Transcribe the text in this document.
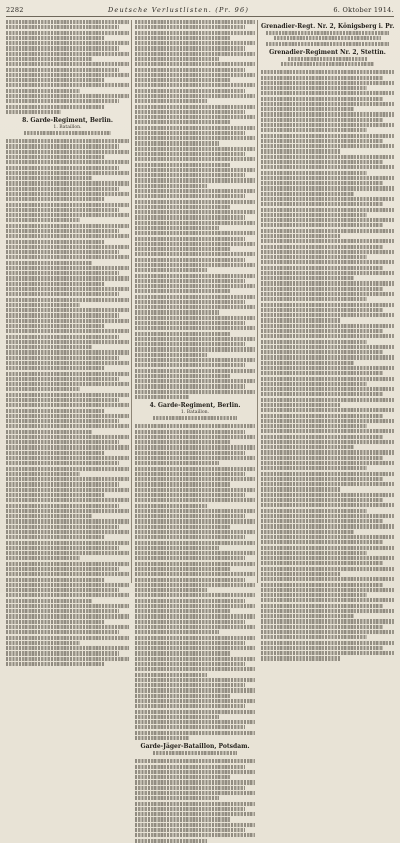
2282	Deutsche Verlustlisten. (Pr. 96)	6. Oktober 1914.
8. Garde-Regiment, Berlin.
1. Bataillon.
4. Garde-Regiment, Berlin.
1. Bataillon.
Garde-Jäger-Bataillon, Potsdam.
Grenadier-Regt. Nr. 2, Königsberg i. Pr.
Grenadier-Regiment Nr. 2, Stettin.
